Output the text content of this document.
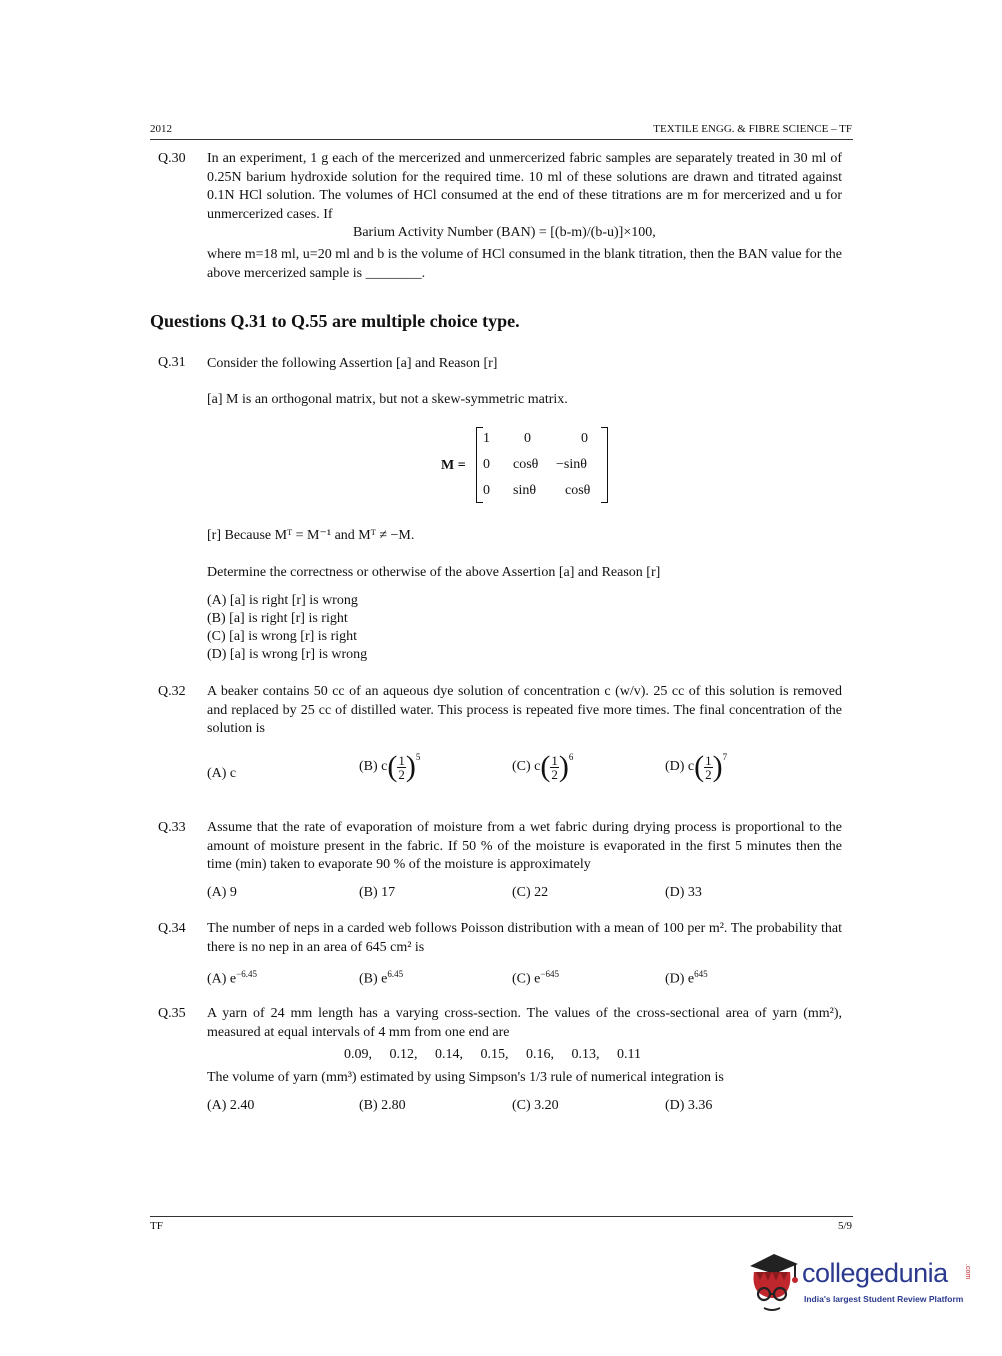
2012	TEXTILE ENGG. & FIBRE SCIENCE – TF
Q.30 In an experiment, 1 g each of the mercerized and unmercerized fabric samples are separately treated in 30 ml of 0.25N barium hydroxide solution for the required time. 10 ml of these solutions are drawn and titrated against 0.1N HCl solution. The volumes of HCl consumed at the end of these titrations are m for mercerized and u for unmercerized cases. If
Barium Activity Number (BAN) = [(b-m)/(b-u)]×100,
where m=18 ml, u=20 ml and b is the volume of HCl consumed in the blank titration, then the BAN value for the above mercerized sample is ________.
Questions Q.31 to Q.55 are multiple choice type.
Q.31 Consider the following Assertion [a] and Reason [r]
[a] M is an orthogonal matrix, but not a skew-symmetric matrix.
M =
1 0	0
0 cosθ −sinθ
0 sinθ cosθ
[r] Because Mᵀ = M⁻¹ and Mᵀ ≠ −M.
Determine the correctness or otherwise of the above Assertion [a] and Reason [r]
(A) [a] is right [r] is wrong
(B) [a] is right [r] is right
(C) [a] is wrong [r] is right
(D) [a] is wrong [r] is wrong
Q.32 A beaker contains 50 cc of an aqueous dye solution of concentration c (w/v). 25 cc of this solution is removed and replaced by 25 cc of distilled water. This process is repeated five more times. The final concentration of the solution is
(A) c	(B) $c( \frac{1}{2} )^5$
(C) $c( \frac{1}{2} )^6$
(D) $c( \frac{1}{2} )^7$
Q.33 Assume that the rate of evaporation of moisture from a wet fabric during drying process is proportional to the amount of moisture present in the fabric. If 50 % of the moisture is evaporated in the first 5 minutes then the time (min) taken to evaporate 90 % of the moisture is approximately
(A) 9	(B) 17	(C) 22	(D) 33
Q.34 The number of neps in a carded web follows Poisson distribution with a mean of 100 per m². The probability that there is no nep in an area of 645 cm² is
(A) $e^{-6.45}$	(B) $e^{6.45}$	(C) $e^{-645}$	(D) $e^{645}$
Q.35 A yarn of 24 mm length has a varying cross-section. The values of the cross-sectional area of yarn (mm²), measured at equal intervals of 4 mm from one end are
0.09,     0.12,     0.14,     0.15,     0.16,     0.13,     0.11
The volume of yarn (mm³) estimated by using Simpson's 1/3 rule of numerical integration is
(A) 2.40	(B) 2.80	(C) 3.20	(D) 3.36
TF	5/9
collegedunia .com
India's largest Student Review Platform
